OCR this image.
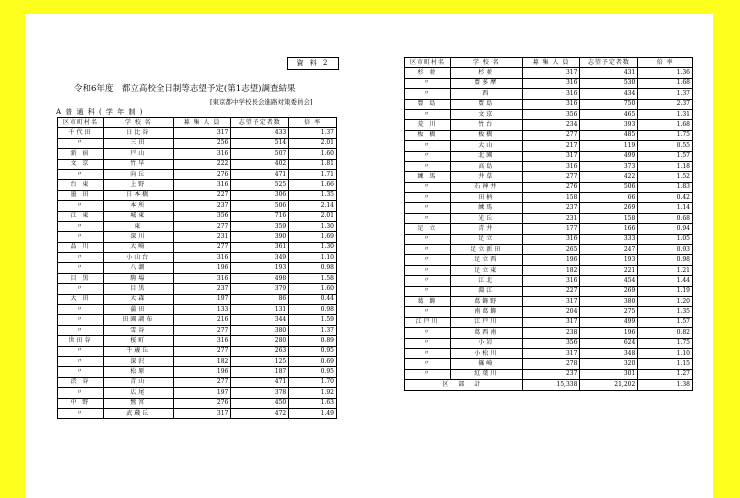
資 料 2
令和6年度　都立高校全日制等志望予定(第1志望)調査結果
[東京都中学校長会進路対策委員会]
A 普 通 科 ( 学 年 制 )
区市町村名	学 校 名	募 集 人 員	志望予定者数	倍 率
千代田	日比谷	317	433	1.37
〃	三田	256	514	2.01
新 宿	戸山	316	507	1.60
文 京	竹早	222	402	1.81
〃	向丘	276	471	1.71
台 東	上野	316	525	1.66
墨 田	日本橋	227	306	1.35
〃	本所	237	506	2.14
江 東	城東	356	716	2.01
〃	東	277	359	1.30
〃	深川	231	390	1.69
品 川	大崎	277	361	1.30
〃	小山台	316	349	1.10
〃	八潮	196	193	0.98
目 黒	駒場	316	498	1.58
〃	目黒	237	379	1.60
大 田	大森	197	86	0.44
〃	蒲田	133	131	0.98
〃	田園調布	216	344	1.59
〃	雪谷	277	380	1.37
世田谷	桜町	316	280	0.89
〃	千歳丘	277	263	0.95
〃	深沢	182	125	0.69
〃	松原	196	187	0.95
渋 谷	青山	277	471	1.70
〃	広尾	197	378	1.92
中 野	鷺宮	276	450	1.63
〃	武蔵丘	317	472	1.49
区市町村名	学 校 名	募 集 人 員	志望予定者数	倍 率
杉 並	杉並	317	431	1.36
〃	豊多摩	316	530	1.68
〃	西	316	434	1.37
豊 島	豊島	316	750	2.37
〃	文京	356	465	1.31
荒 川	竹台	234	393	1.68
板 橋	板橋	277	485	1.75
〃	大山	217	119	0.55
〃	北園	317	499	1.57
〃	高島	316	373	1.18
練 馬	井草	277	422	1.52
〃	石神井	276	506	1.83
〃	田柄	158	66	0.42
〃	練馬	237	269	1.14
〃	光丘	231	158	0.68
足 立	青井	177	166	0.94
〃	足立	316	333	1.05
〃	足立新田	265	247	0.93
〃	足立西	196	193	0.98
〃	足立東	182	221	1.21
〃	江北	316	454	1.44
〃	淵江	227	269	1.19
葛 飾	葛飾野	317	380	1.20
〃	南葛飾	204	275	1.35
江戸川	江戸川	317	499	1.57
〃	葛西南	238	196	0.82
〃	小岩	356	624	1.75
〃	小松川	317	348	1.10
〃	篠崎	278	320	1.15
〃	紅葉川	237	301	1.27
区 部 計		15,338	21,202	1.38
